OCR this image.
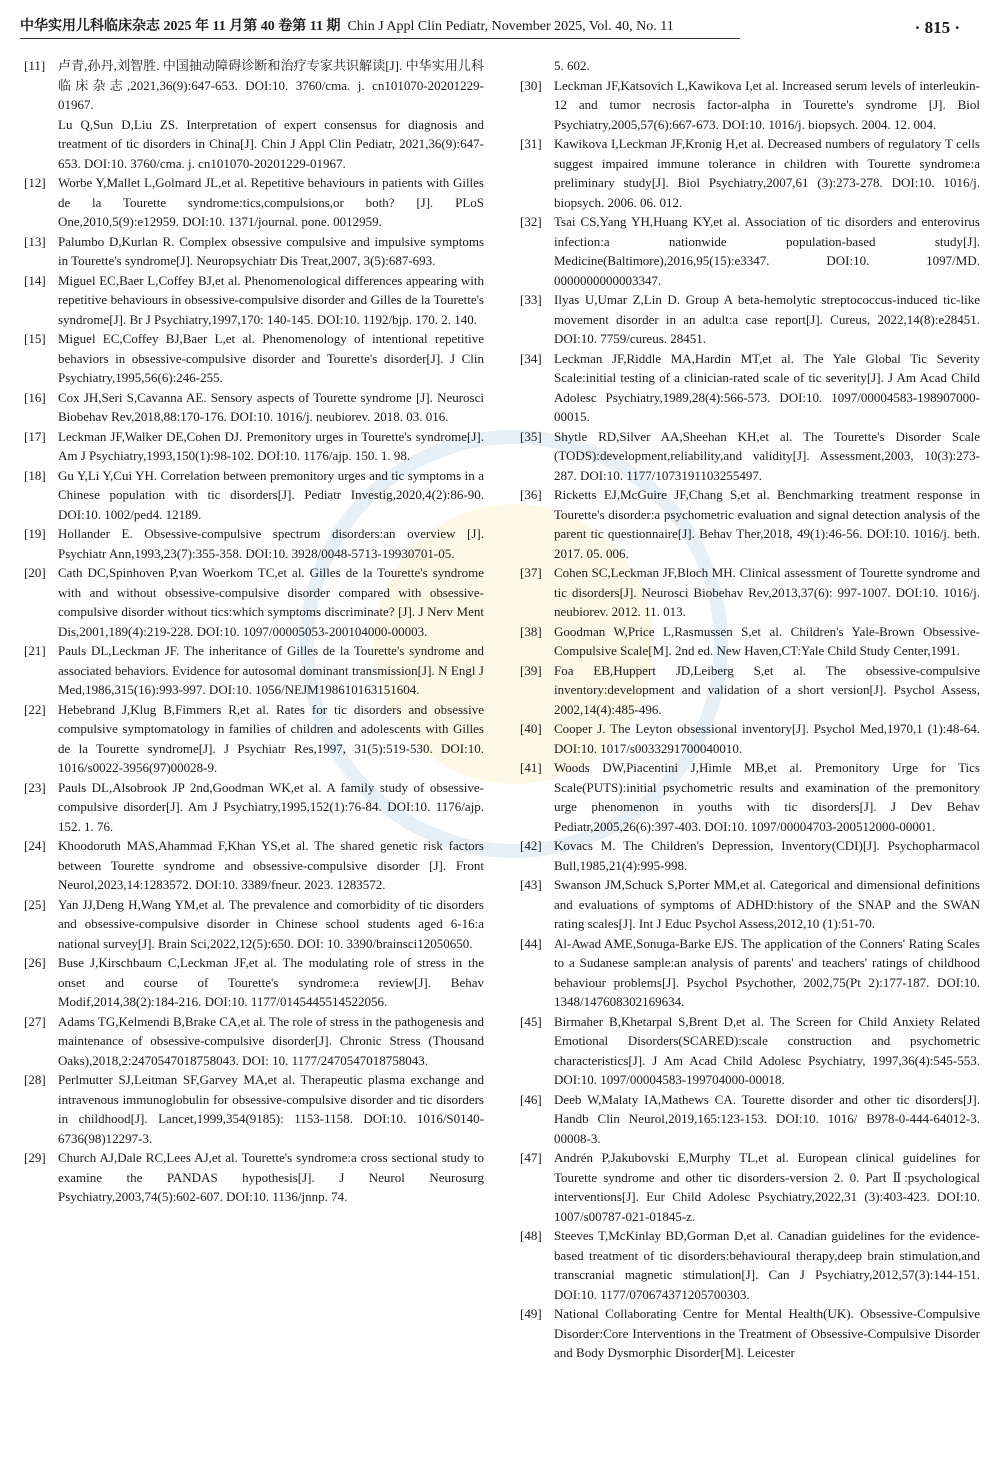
中华实用儿科临床杂志 2025 年 11 月第 40 卷第 11 期 Chin J Appl Clin Pediatr, November 2025, Vol. 40, No. 11	· 815 ·
[11] 卢青,孙丹,刘智胜. 中国抽动障碍诊断和治疗专家共识解读[J]. 中华实用儿科临床杂志,2021,36(9):647-653. DOI:10. 3760/cma. j. cn101070-20201229-01967.

Lu Q,Sun D,Liu ZS. Interpretation of expert consensus for diagnosis and treatment of tic disorders in China[J]. Chin J Appl Clin Pediatr, 2021,36(9):647-653. DOI:10. 3760/cma. j. cn101070-20201229-01967.

[12] Worbe Y,Mallet L,Golmard JL,et al. Repetitive behaviours in patients with Gilles de la Tourette syndrome:tics,compulsions,or both? [J]. PLoS One,2010,5(9):e12959. DOI:10. 1371/journal. pone. 0012959.

[13] Palumbo D,Kurlan R. Complex obsessive compulsive and impulsive symptoms in Tourette's syndrome[J]. Neuropsychiatr Dis Treat,2007, 3(5):687-693.

[14] Miguel EC,Baer L,Coffey BJ,et al. Phenomenological differences appearing with repetitive behaviours in obsessive-compulsive disorder and Gilles de la Tourette's syndrome[J]. Br J Psychiatry,1997,170: 140-145. DOI:10. 1192/bjp. 170. 2. 140.

[15] Miguel EC,Coffey BJ,Baer L,et al. Phenomenology of intentional repetitive behaviors in obsessive-compulsive disorder and Tourette's disorder[J]. J Clin Psychiatry,1995,56(6):246-255.

[16] Cox JH,Seri S,Cavanna AE. Sensory aspects of Tourette syndrome [J]. Neurosci Biobehav Rev,2018,88:170-176. DOI:10. 1016/j. neubiorev. 2018. 03. 016.

[17] Leckman JF,Walker DE,Cohen DJ. Premonitory urges in Tourette's syndrome[J]. Am J Psychiatry,1993,150(1):98-102. DOI:10. 1176/ajp. 150. 1. 98.

[18] Gu Y,Li Y,Cui YH. Correlation between premonitory urges and tic symptoms in a Chinese population with tic disorders[J]. Pediatr Investig,2020,4(2):86-90. DOI:10. 1002/ped4. 12189.

[19] Hollander E. Obsessive-compulsive spectrum disorders:an overview [J]. Psychiatr Ann,1993,23(7):355-358. DOI:10. 3928/0048-5713-19930701-05.

[20] Cath DC,Spinhoven P,van Woerkom TC,et al. Gilles de la Tourette's syndrome with and without obsessive-compulsive disorder compared with obsessive-compulsive disorder without tics:which symptoms discriminate? [J]. J Nerv Ment Dis,2001,189(4):219-228. DOI:10. 1097/00005053-200104000-00003.

[21] Pauls DL,Leckman JF. The inheritance of Gilles de la Tourette's syndrome and associated behaviors. Evidence for autosomal dominant transmission[J]. N Engl J Med,1986,315(16):993-997. DOI:10. 1056/NEJM198610163151604.

[22] Hebebrand J,Klug B,Fimmers R,et al. Rates for tic disorders and obsessive compulsive symptomatology in families of children and adolescents with Gilles de la Tourette syndrome[J]. J Psychiatr Res,1997, 31(5):519-530. DOI:10. 1016/s0022-3956(97)00028-9.

[23] Pauls DL,Alsobrook JP 2nd,Goodman WK,et al. A family study of obsessive-compulsive disorder[J]. Am J Psychiatry,1995,152(1):76-84. DOI:10. 1176/ajp. 152. 1. 76.

[24] Khoodoruth MAS,Ahammad F,Khan YS,et al. The shared genetic risk factors between Tourette syndrome and obsessive-compulsive disorder [J]. Front Neurol,2023,14:1283572. DOI:10. 3389/fneur. 2023. 1283572.

[25] Yan JJ,Deng H,Wang YM,et al. The prevalence and comorbidity of tic disorders and obsessive-compulsive disorder in Chinese school students aged 6-16:a national survey[J]. Brain Sci,2022,12(5):650. DOI: 10. 3390/brainsci12050650.

[26] Buse J,Kirschbaum C,Leckman JF,et al. The modulating role of stress in the onset and course of Tourette's syndrome:a review[J]. Behav Modif,2014,38(2):184-216. DOI:10. 1177/0145445514522056.

[27] Adams TG,Kelmendi B,Brake CA,et al. The role of stress in the pathogenesis and maintenance of obsessive-compulsive disorder[J]. Chronic Stress (Thousand Oaks),2018,2:2470547018758043. DOI: 10. 1177/2470547018758043.

[28] Perlmutter SJ,Leitman SF,Garvey MA,et al. Therapeutic plasma exchange and intravenous immunoglobulin for obsessive-compulsive disorder and tic disorders in childhood[J]. Lancet,1999,354(9185): 1153-1158. DOI:10. 1016/S0140-6736(98)12297-3.

[29] Church AJ,Dale RC,Lees AJ,et al. Tourette's syndrome:a cross sectional study to examine the PANDAS hypothesis[J]. J Neurol Neurosurg Psychiatry,2003,74(5):602-607. DOI:10. 1136/jnnp. 74.

5. 602.

[30] Leckman JF,Katsovich L,Kawikova I,et al. Increased serum levels of interleukin-12 and tumor necrosis factor-alpha in Tourette's syndrome [J]. Biol Psychiatry,2005,57(6):667-673. DOI:10. 1016/j. biopsych. 2004. 12. 004.

[31] Kawikova I,Leckman JF,Kronig H,et al. Decreased numbers of regulatory T cells suggest impaired immune tolerance in children with Tourette syndrome:a preliminary study[J]. Biol Psychiatry,2007,61 (3):273-278. DOI:10. 1016/j. biopsych. 2006. 06. 012.

[32] Tsai CS,Yang YH,Huang KY,et al. Association of tic disorders and enterovirus infection:a nationwide population-based study[J]. Medicine(Baltimore),2016,95(15):e3347. DOI:10. 1097/MD. 0000000000003347.

[33] Ilyas U,Umar Z,Lin D. Group A beta-hemolytic streptococcus-induced tic-like movement disorder in an adult:a case report[J]. Cureus, 2022,14(8):e28451. DOI:10. 7759/cureus. 28451.

[34] Leckman JF,Riddle MA,Hardin MT,et al. The Yale Global Tic Severity Scale:initial testing of a clinician-rated scale of tic severity[J]. J Am Acad Child Adolesc Psychiatry,1989,28(4):566-573. DOI:10. 1097/00004583-198907000-00015.

[35] Shytle RD,Silver AA,Sheehan KH,et al. The Tourette's Disorder Scale (TODS):development,reliability,and validity[J]. Assessment,2003, 10(3):273-287. DOI:10. 1177/1073191103255497.

[36] Ricketts EJ,McGuire JF,Chang S,et al. Benchmarking treatment response in Tourette's disorder:a psychometric evaluation and signal detection analysis of the parent tic questionnaire[J]. Behav Ther,2018, 49(1):46-56. DOI:10. 1016/j. beth. 2017. 05. 006.

[37] Cohen SC,Leckman JF,Bloch MH. Clinical assessment of Tourette syndrome and tic disorders[J]. Neurosci Biobehav Rev,2013,37(6): 997-1007. DOI:10. 1016/j. neubiorev. 2012. 11. 013.

[38] Goodman W,Price L,Rasmussen S,et al. Children's Yale-Brown Obsessive-Compulsive Scale[M]. 2nd ed. New Haven,CT:Yale Child Study Center,1991.

[39] Foa EB,Huppert JD,Leiberg S,et al. The obsessive-compulsive inventory:development and validation of a short version[J]. Psychol Assess, 2002,14(4):485-496.

[40] Cooper J. The Leyton obsessional inventory[J]. Psychol Med,1970,1 (1):48-64. DOI:10. 1017/s0033291700040010.

[41] Woods DW,Piacentini J,Himle MB,et al. Premonitory Urge for Tics Scale(PUTS):initial psychometric results and examination of the premonitory urge phenomenon in youths with tic disorders[J]. J Dev Behav Pediatr,2005,26(6):397-403. DOI:10. 1097/00004703-200512000-00001.

[42] Kovacs M. The Children's Depression, Inventory(CDI)[J]. Psychopharmacol Bull,1985,21(4):995-998.

[43] Swanson JM,Schuck S,Porter MM,et al. Categorical and dimensional definitions and evaluations of symptoms of ADHD:history of the SNAP and the SWAN rating scales[J]. Int J Educ Psychol Assess,2012,10 (1):51-70.

[44] Al-Awad AME,Sonuga-Barke EJS. The application of the Conners' Rating Scales to a Sudanese sample:an analysis of parents' and teachers' ratings of childhood behaviour problems[J]. Psychol Psychother, 2002,75(Pt 2):177-187. DOI:10. 1348/147608302169634.

[45] Birmaher B,Khetarpal S,Brent D,et al. The Screen for Child Anxiety Related Emotional Disorders(SCARED):scale construction and psychometric characteristics[J]. J Am Acad Child Adolesc Psychiatry, 1997,36(4):545-553. DOI:10. 1097/00004583-199704000-00018.

[46] Deeb W,Malaty IA,Mathews CA. Tourette disorder and other tic disorders[J]. Handb Clin Neurol,2019,165:123-153. DOI:10. 1016/ B978-0-444-64012-3. 00008-3.

[47] Andrén P,Jakubovski E,Murphy TL,et al. European clinical guidelines for Tourette syndrome and other tic disorders-version 2. 0. Part Ⅱ:psychological interventions[J]. Eur Child Adolesc Psychiatry,2022,31 (3):403-423. DOI:10. 1007/s00787-021-01845-z.

[48] Steeves T,McKinlay BD,Gorman D,et al. Canadian guidelines for the evidence-based treatment of tic disorders:behavioural therapy,deep brain stimulation,and transcranial magnetic stimulation[J]. Can J Psychiatry,2012,57(3):144-151. DOI:10. 1177/070674371205700303.

[49] National Collaborating Centre for Mental Health(UK). Obsessive-Compulsive Disorder:Core Interventions in the Treatment of Obsessive-Compulsive Disorder and Body Dysmorphic Disorder[M]. Leicester
